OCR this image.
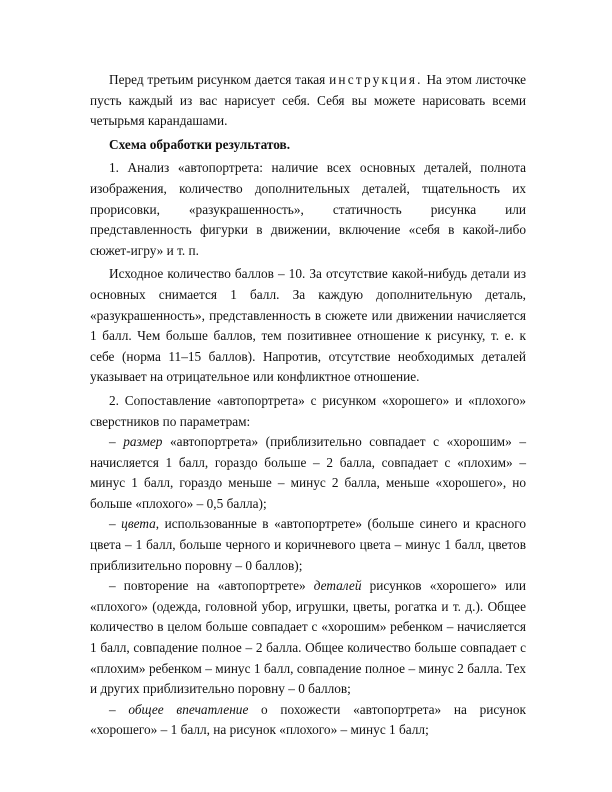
Перед третьим рисунком дается такая инструкция. На этом листочке пусть каждый из вас нарисует себя. Себя вы можете нарисовать всеми четырьмя карандашами.

Схема обработки результатов.

1. Анализ «автопортрета: наличие всех основных деталей, полнота изображения, количество дополнительных деталей, тщательность их прорисовки, «разукрашенность», статичность рисунка или представленность фигурки в движении, включение «себя в какой-либо сюжет-игру» и т. п.

Исходное количество баллов – 10. За отсутствие какой-нибудь детали из основных снимается 1 балл. За каждую дополнительную деталь, «разукрашенность», представленность в сюжете или движении начисляется 1 балл. Чем больше баллов, тем позитивнее отношение к рисунку, т. е. к себе (норма 11–15 баллов). Напротив, отсутствие необходимых деталей указывает на отрицательное или конфликтное отношение.

2. Сопоставление «автопортрета» с рисунком «хорошего» и «плохого» сверстников по параметрам:

– размер «автопортрета» (приблизительно совпадает с «хорошим» – начисляется 1 балл, гораздо больше – 2 балла, совпадает с «плохим» – минус 1 балл, гораздо меньше – минус 2 балла, меньше «хорошего», но больше «плохого» – 0,5 балла);

– цвета, использованные в «автопортрете» (больше синего и красного цвета – 1 балл, больше черного и коричневого цвета – минус 1 балл, цветов приблизительно поровну – 0 баллов);

– повторение на «автопортрете» деталей рисунков «хорошего» или «плохого» (одежда, головной убор, игрушки, цветы, рогатка и т. д.). Общее количество в целом больше совпадает с «хорошим» ребенком – начисляется 1 балл, совпадение полное – 2 балла. Общее количество больше совпадает с «плохим» ребенком – минус 1 балл, совпадение полное – минус 2 балла. Тех и других приблизительно поровну – 0 баллов;

– общее впечатление о похожести «автопортрета» на рисунок «хорошего» – 1 балл, на рисунок «плохого» – минус 1 балл;
